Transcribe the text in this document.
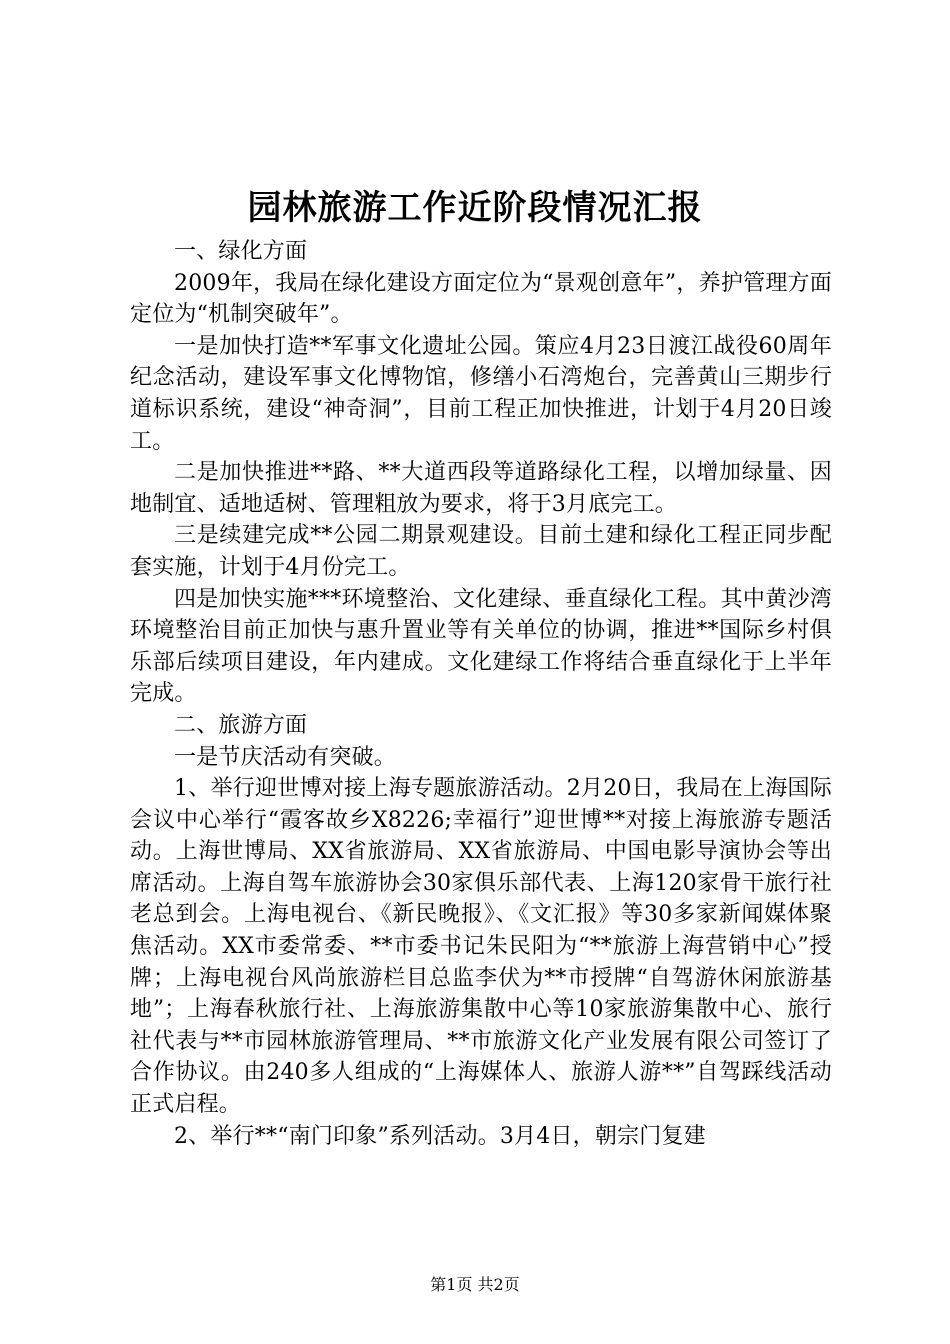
园林旅游工作近阶段情况汇报

一、绿化方面

2009年，我局在绿化建设方面定位为“景观创意年”，养护管理方面定位为“机制突破年”。

一是加快打造**军事文化遗址公园。策应4月23日渡江战役60周年纪念活动，建设军事文化博物馆，修缮小石湾炮台，完善黄山三期步行道标识系统，建设“神奇洞”，目前工程正加快推进，计划于4月20日竣工。

二是加快推进**路、**大道西段等道路绿化工程，以增加绿量、因地制宜、适地适树、管理粗放为要求，将于3月底完工。

三是续建完成**公园二期景观建设。目前土建和绿化工程正同步配套实施，计划于4月份完工。

四是加快实施***环境整治、文化建绿、垂直绿化工程。其中黄沙湾环境整治目前正加快与惠升置业等有关单位的协调，推进**国际乡村俱乐部后续项目建设，年内建成。文化建绿工作将结合垂直绿化于上半年完成。

二、旅游方面

一是节庆活动有突破。

1、举行迎世博对接上海专题旅游活动。2月20日，我局在上海国际会议中心举行“霞客故乡X8226;幸福行”迎世博**对接上海旅游专题活动。上海世博局、XX省旅游局、XX省旅游局、中国电影导演协会等出席活动。上海自驾车旅游协会30家俱乐部代表、上海120家骨干旅行社老总到会。上海电视台、《新民晚报》、《文汇报》等30多家新闻媒体聚焦活动。XX市委常委、**市委书记朱民阳为“**旅游上海营销中心”授牌；上海电视台风尚旅游栏目总监李伏为**市授牌“自驾游休闲旅游基地”；上海春秋旅行社、上海旅游集散中心等10家旅游集散中心、旅行社代表与**市园林旅游管理局、**市旅游文化产业发展有限公司签订了合作协议。由240多人组成的“上海媒体人、旅游人游**”自驾踩线活动正式启程。

2、举行**“南门印象”系列活动。3月4日，朝宗门复建

第1页 共2页
